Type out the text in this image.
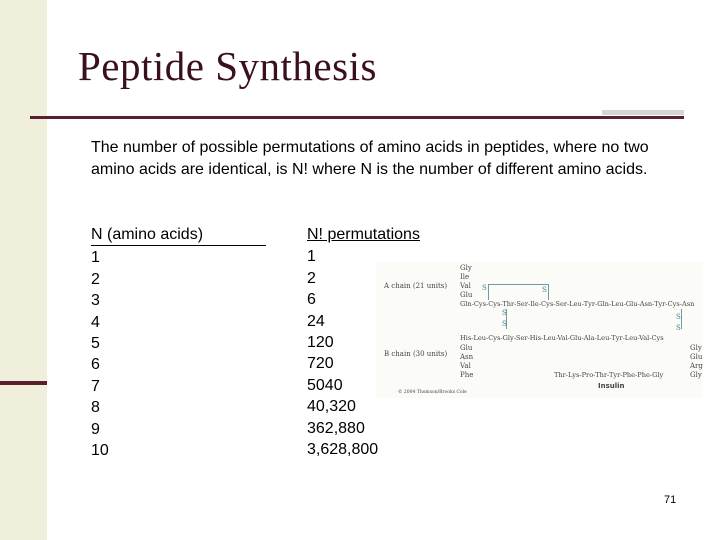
Peptide Synthesis

The number of possible permutations of amino acids in peptides, where no two amino acids are identical, is N! where N is the number of different amino acids.

N (amino acids)
1
2
3
4
5
6
7
8
9
10
N! permutations
1
2
6
24
120
720
5040
40,320
362,880
3,628,800
Gly
Ile
Val
Glu
A chain (21 units)
Gln-Cys-Cys-Thr-Ser-Ile-Cys-Ser-Leu-Tyr-Gln-Leu-Glu-Asn-Tyr-Cys-Asn
S	S
S
S
S
S
His-Leu-Cys-Gly-Ser-His-Leu-Val-Glu-Ala-Leu-Tyr-Leu-Val-Cys
B chain (30 units)
Glu
Asn
Val
Phe
Gly
Glu
Arg
Gly
Thr-Lys-Pro-Thr-Tyr-Phe-Phe-Gly
Insulin
© 2004 Thomson/Brooks Cole
71
